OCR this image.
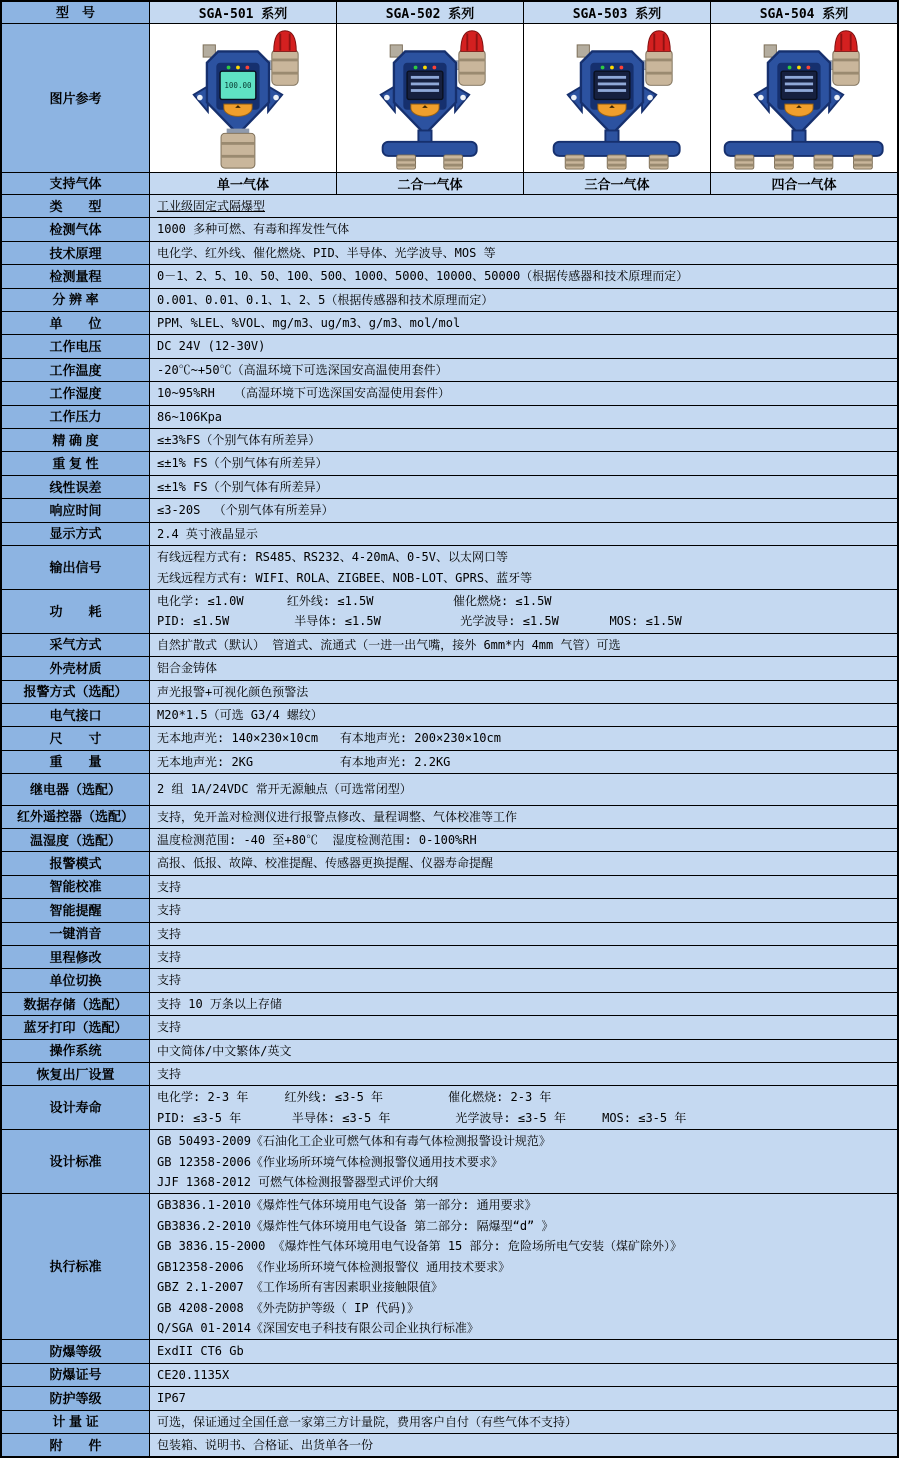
型　号	SGA-501 系列	SGA-502 系列	SGA-503 系列	SGA-504 系列
图片参考
100.00
支持气体	单一气体	二合一气体	三合一气体	四合一气体
类　　型	工业级固定式隔爆型
检测气体	1000 多种可燃、有毒和挥发性气体
技术原理	电化学、红外线、催化燃烧、PID、半导体、光学波导、MOS 等
检测量程	0－1、2、5、10、50、100、500、1000、5000、10000、50000（根据传感器和技术原理而定）
分 辨 率	0.001、0.01、0.1、1、2、5（根据传感器和技术原理而定）
单　　位	PPM、%LEL、%VOL、mg/m3、ug/m3、g/m3、mol/mol
工作电压	DC 24V (12-30V)
工作温度	-20℃~+50℃（高温环境下可选深国安高温使用套件）
工作湿度	10~95%RH　 （高湿环境下可选深国安高湿使用套件）
工作压力	86~106Kpa
精 确 度	≤±3%FS（个别气体有所差异）
重 复 性	≤±1% FS（个别气体有所差异）
线性误差	≤±1% FS（个别气体有所差异）
响应时间	≤3-20S 　（个别气体有所差异）
显示方式	2.4 英寸液晶显示
输出信号
有线远程方式有: RS485、RS232、4-20mA、0-5V、以太网口等
无线远程方式有: WIFI、ROLA、ZIGBEE、NOB-LOT、GPRS、蓝牙等
功　　耗
电化学: ≤1.0W      红外线: ≤1.5W           催化燃烧: ≤1.5W
PID: ≤1.5W         半导体: ≤1.5W           光学波导: ≤1.5W       MOS: ≤1.5W
采气方式	自然扩散式（默认） 管道式、流通式（一进一出气嘴，接外 6mm*内 4mm 气管）可选
外壳材质	铝合金铸体
报警方式（选配）	声光报警+可视化颜色预警法
电气接口	M20*1.5（可选 G3/4 螺纹）
尺　　寸	无本地声光: 140×230×10cm   有本地声光: 200×230×10cm
重　　量	无本地声光: 2KG            有本地声光: 2.2KG
继电器（选配）	2 组 1A/24VDC 常开无源触点（可选常闭型）
红外遥控器（选配）	支持，免开盖对检测仪进行报警点修改、量程调整、气体校准等工作
温湿度（选配）	温度检测范围: -40 至+80℃  湿度检测范围: 0-100%RH
报警模式	高报、低报、故障、校准提醒、传感器更换提醒、仪器寿命提醒
智能校准	支持
智能提醒	支持
一键消音	支持
里程修改	支持
单位切换	支持
数据存储（选配）	支持 10 万条以上存储
蓝牙打印（选配）	支持
操作系统	中文简体/中文繁体/英文
恢复出厂设置	支持
设计寿命
电化学: 2-3 年     红外线: ≤3-5 年         催化燃烧: 2-3 年
PID: ≤3-5 年       半导体: ≤3-5 年         光学波导: ≤3-5 年     MOS: ≤3-5 年
设计标准
GB 50493-2009《石油化工企业可燃气体和有毒气体检测报警设计规范》
GB 12358-2006《作业场所环境气体检测报警仪通用技术要求》
JJF 1368-2012 可燃气体检测报警器型式评价大纲
执行标准
GB3836.1-2010《爆炸性气体环境用电气设备 第一部分: 通用要求》
GB3836.2-2010《爆炸性气体环境用电气设备 第二部分: 隔爆型“d” 》
GB 3836.15-2000 《爆炸性气体环境用电气设备第 15 部分: 危险场所电气安装（煤矿除外）》
GB12358-2006 《作业场所环境气体检测报警仪 通用技术要求》
GBZ 2.1-2007 《工作场所有害因素职业接触限值》
GB 4208-2008 《外壳防护等级（ IP 代码)》
Q/SGA 01-2014《深国安电子科技有限公司企业执行标准》
防爆等级	ExdII CT6 Gb
防爆证号	CE20.1135X
防护等级	IP67
计 量 证	可选，保证通过全国任意一家第三方计量院，费用客户自付（有些气体不支持）
附　　件	包装箱、说明书、合格证、出货单各一份
